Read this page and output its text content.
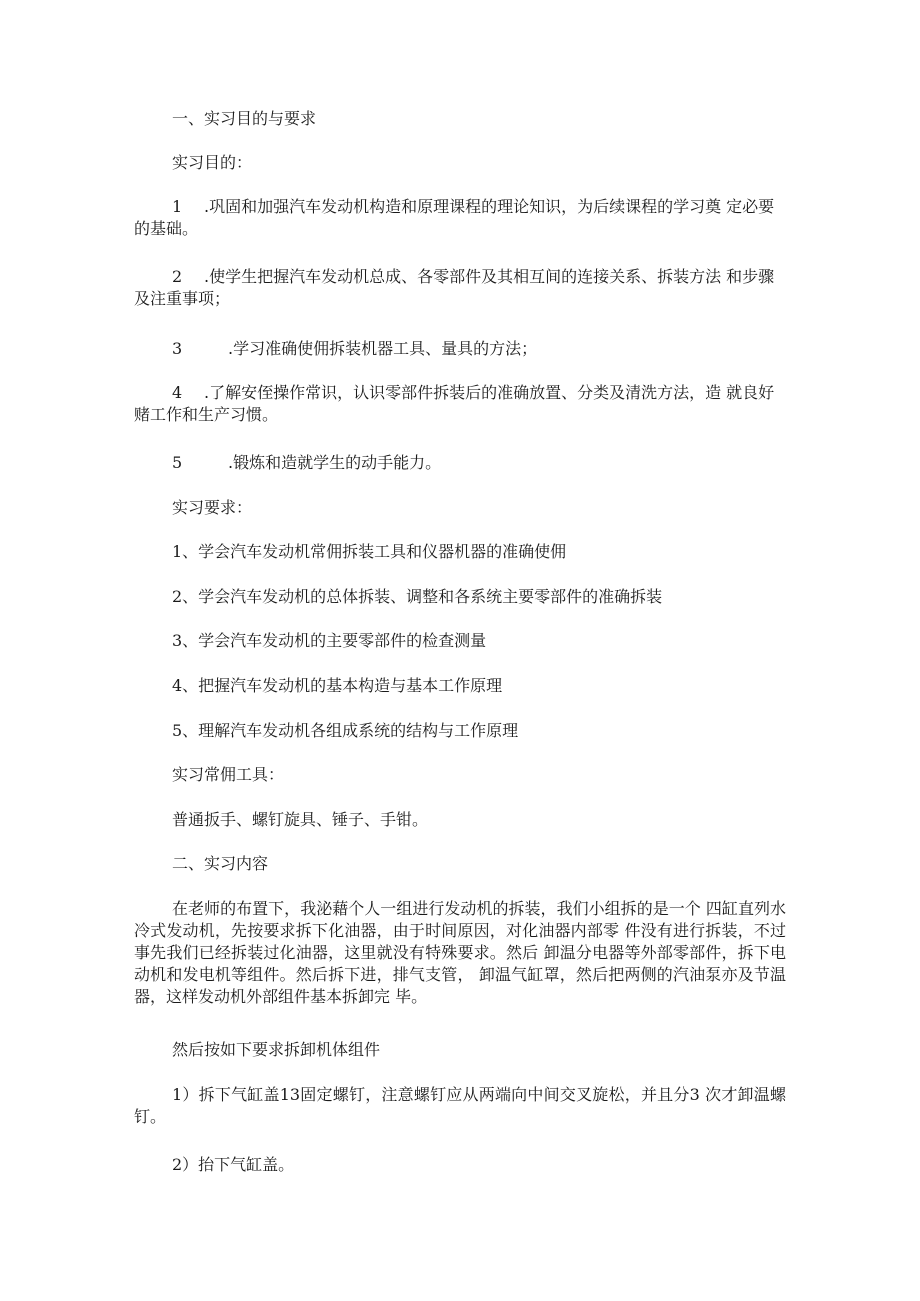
一、实习目的与要求
实习目的：
1 .巩固和加强汽车发动机构造和原理课程的理论知识，为后续课程的学习奠 定必要的基础。
2 .使学生把握汽车发动机总成、各零部件及其相互间的连接关系、拆装方法 和步骤及注重事项；
3	.学习准确使佣拆装机器工具、量具的方法；
4 .了解安侄操作常识，认识零部件拆装后的准确放置、分类及清洗方法，造 就良好赌工作和生产习惯。
5	.锻炼和造就学生的动手能力。
实习要求：
1、学会汽车发动机常佣拆装工具和仪器机器的准确使佣
2、学会汽车发动机的总体拆装、调整和各系统主要零部件的准确拆装
3、学会汽车发动机的主要零部件的检查测量
4、把握汽车发动机的基本构造与基本工作原理
5、理解汽车发动机各组成系统的结构与工作原理
实习常佣工具：
普通扳手、螺钉旋具、锤子、手钳。
二、实习内容
在老师的布置下，我泌藉个人一组进行发动机的拆装，我们小组拆的是一个 四缸直列水冷式发动机，先按要求拆下化油器，由于时间原因，对化油器内部零 件没有进行拆装，不过事先我们已经拆装过化油器，这里就没有特殊要求。然后 卸温分电器等外部零部件，拆下电动机和发电机等组件。然后拆下进，排气支管， 卸温气缸罩，然后把两侧的汽油泵亦及节温器，这样发动机外部组件基本拆卸完 毕。
然后按如下要求拆卸机体组件
1）拆下气缸盖13固定螺钉，注意螺钉应从两端向中间交叉旋松，并且分3 次才卸温螺钉。
2）抬下气缸盖。
